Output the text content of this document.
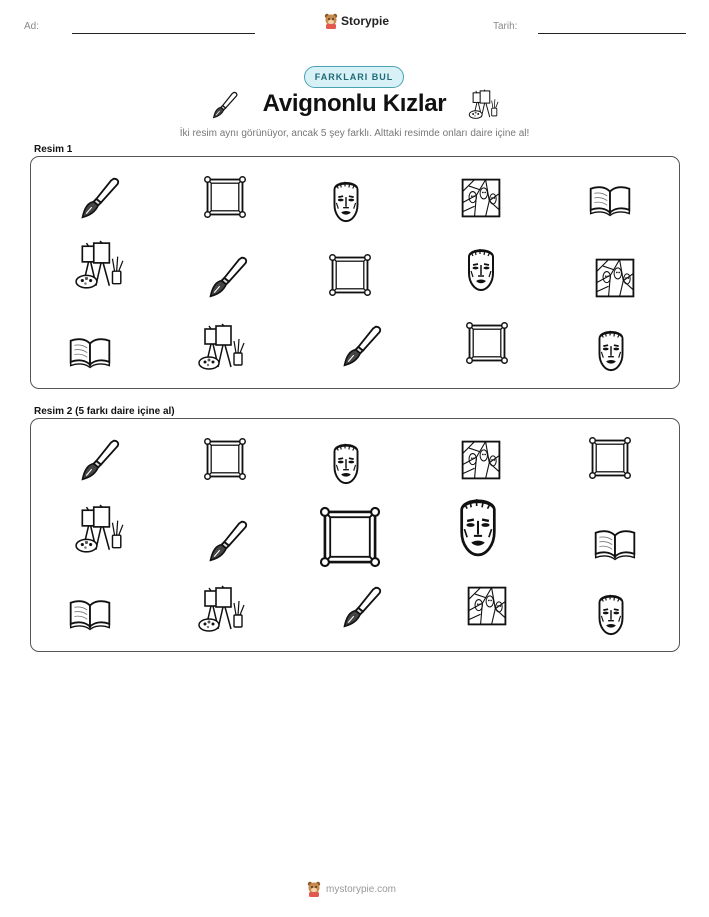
Ad:	Tarih:
Storypie
FARKLARI BUL
Avignonlu Kızlar
İki resim aynı görünüyor, ancak 5 şey farklı. Alttaki resimde onları daire içine al!
Resim 1
Resim 2 (5 farkı daire içine al)
mystorypie.com
